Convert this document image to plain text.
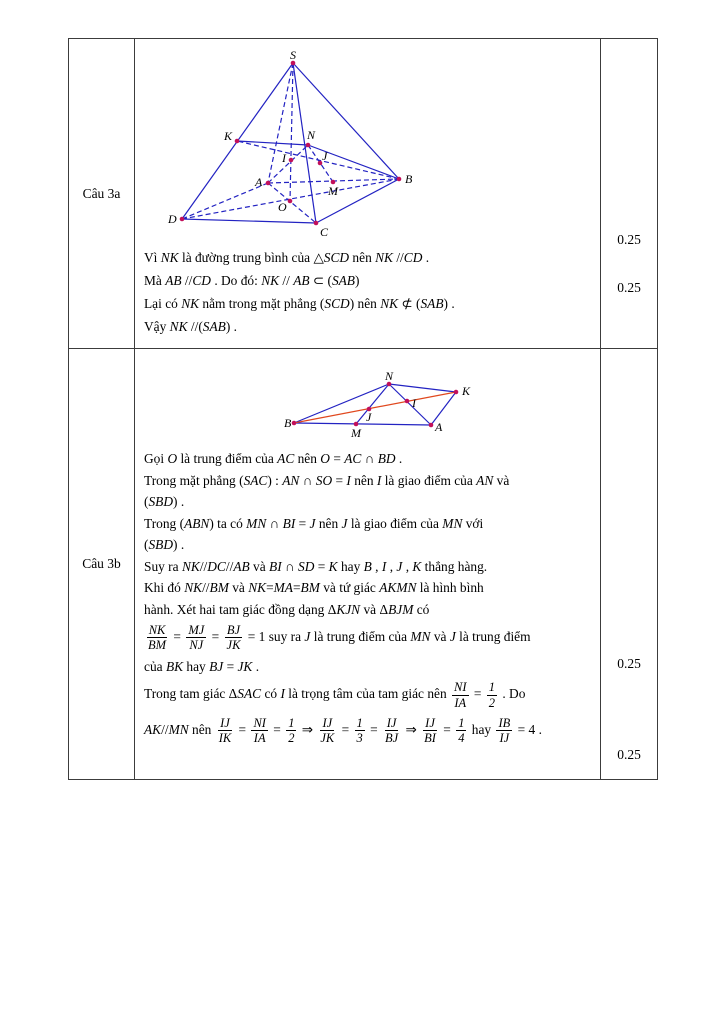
Câu 3a
S
K	N
I
A
J
M
B
D
O
C
Vì NK là đường trung bình của △SCD nên NK //CD .
Mà AB //CD . Do đó: NK // AB ⊂ (SAB)
Lại có NK nằm trong mặt phẳng (SCD) nên NK ⊄ (SAB) .
Vậy NK //(SAB) .
0.25
0.25
Câu 3b
N
K
I
J
B	A
M
Gọi O là trung điểm của AC nên O = AC ∩ BD .
Trong mặt phẳng (SAC) : AN ∩ SO = I nên I là giao điểm của AN và
(SBD) .
Trong (ABN) ta có MN ∩ BI = J nên J là giao điểm của MN với
(SBD) .
Suy ra NK//DC//AB và BI ∩ SD = K hay B , I , J , K thẳng hàng.
Khi đó NK//BM và NK=MA=BM và tứ giác AKMN là hình bình
hành. Xét hai tam giác đồng dạng ΔKJN và ΔBJM có
$\frac{NK}{BM} = \frac{MJ}{NJ} = \frac{BJ}{JK} = 1$ suy ra J là trung điểm của MN và J là trung điểm
của BK hay BJ = JK .
Trong tam giác ΔSAC có I là trọng tâm của tam giác nên $\frac{NI}{IA} = \frac{1}{2}$ . Do
AK//MN nên $\frac{IJ}{IK} = \frac{NI}{IA} = \frac{1}{2}$ ⇒ $\frac{IJ}{JK} = \frac{1}{3} = \frac{IJ}{BJ}$ ⇒ $\frac{IJ}{BI} = \frac{1}{4}$ hay $\frac{IB}{IJ} = 4$ .
0.25
0.25
